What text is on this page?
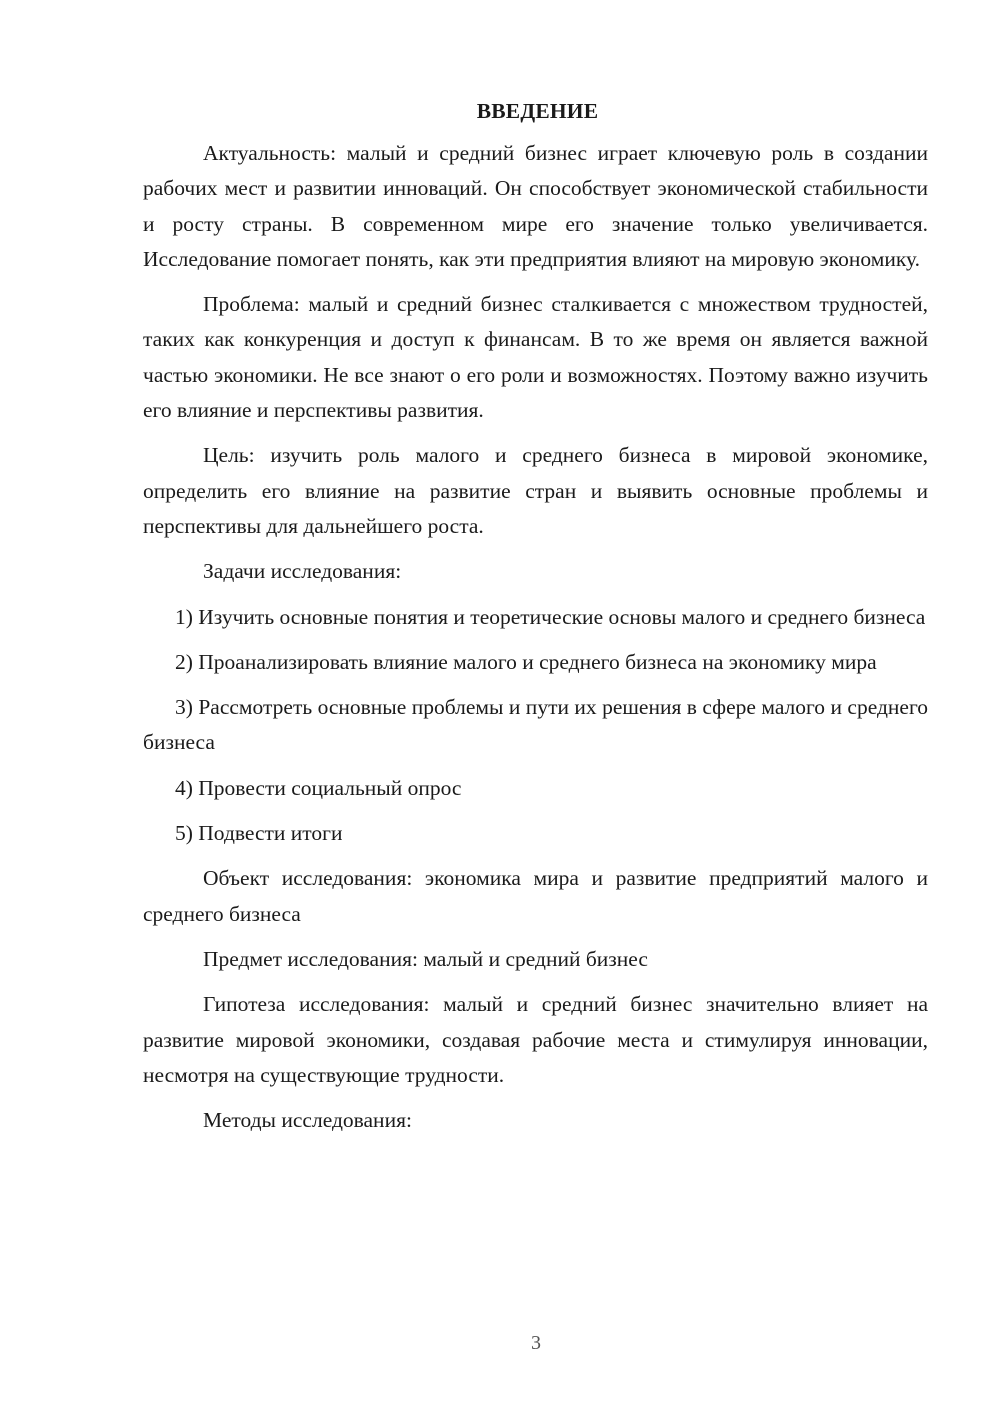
ВВЕДЕНИЕ

Актуальность: малый и средний бизнес играет ключевую роль в создании рабочих мест и развитии инноваций. Он способствует экономической стабильности и росту страны. В современном мире его значение только увеличивается. Исследование помогает понять, как эти предприятия влияют на мировую экономику.

Проблема: малый и средний бизнес сталкивается с множеством трудностей, таких как конкуренция и доступ к финансам. В то же время он является важной частью экономики. Не все знают о его роли и возможностях. Поэтому важно изучить его влияние и перспективы развития.

Цель: изучить роль малого и среднего бизнеса в мировой экономике, определить его влияние на развитие стран и выявить основные проблемы и перспективы для дальнейшего роста.

Задачи исследования:

1) Изучить основные понятия и теоретические основы малого и среднего бизнеса

2) Проанализировать влияние малого и среднего бизнеса на экономику мира

3) Рассмотреть основные проблемы и пути их решения в сфере малого и среднего бизнеса

4) Провести социальный опрос

5) Подвести итоги

Объект исследования: экономика мира и развитие предприятий малого и среднего бизнеса

Предмет исследования: малый и средний бизнес

Гипотеза исследования: малый и средний бизнес значительно влияет на развитие мировой экономики, создавая рабочие места и стимулируя инновации, несмотря на существующие трудности.

Методы исследования:

3
